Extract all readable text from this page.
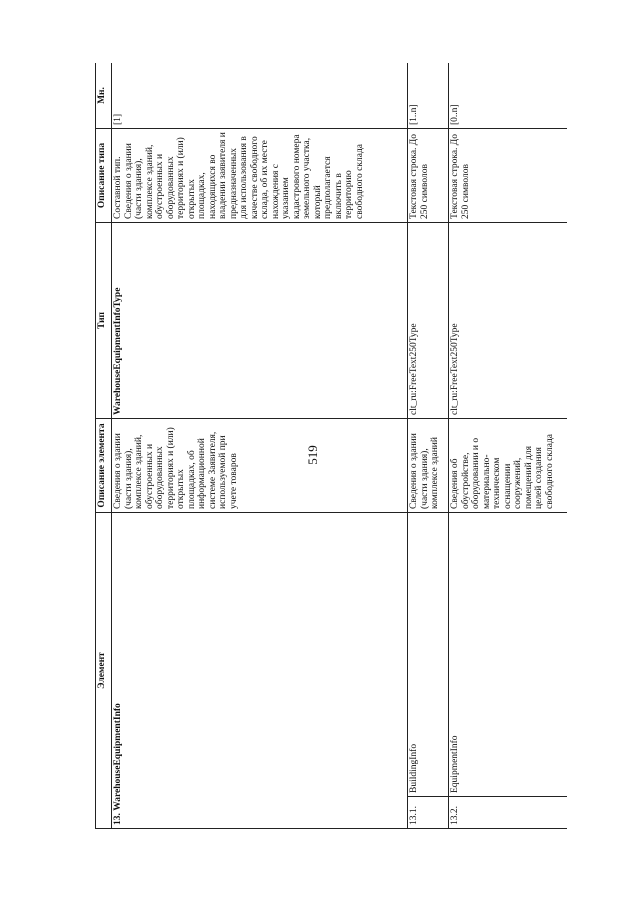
519
Элемент		Описание элемента	Тип	Описание типа	Мн.
13. WarehouseEquipmentInfo		Сведения о здании (части здания), комплексе зданий, обустроенных и оборудованных территориях и (или) открытых площадках, об информационной системе Заявителя, используемой при учете товаров	WarehouseEquipmentInfoType	Составной тип. Сведения о здании (части здания), комплексе зданий, обустроенных и оборудованных территориях и (или) открытых площадках, находящихся во владении заявителя и предназначенных для использования в качестве свободного склада, об их месте нахождения с указанием кадастрового номера земельного участка, который предполагается включить в территорию свободного склада	[1]
13.1.	BuildingInfo	Сведения о здании (части здания), комплексе зданий	clt_ru:FreeText250Type	Текстовая строка. До 250 символов	[1..n]
13.2.	EquipmentInfo	Сведения об обустройстве, оборудовании и о материально-техническом оснащении сооружений, помещений для целей создания свободного склада	clt_ru:FreeText250Type	Текстовая строка. До 250 символов	[0..n]
